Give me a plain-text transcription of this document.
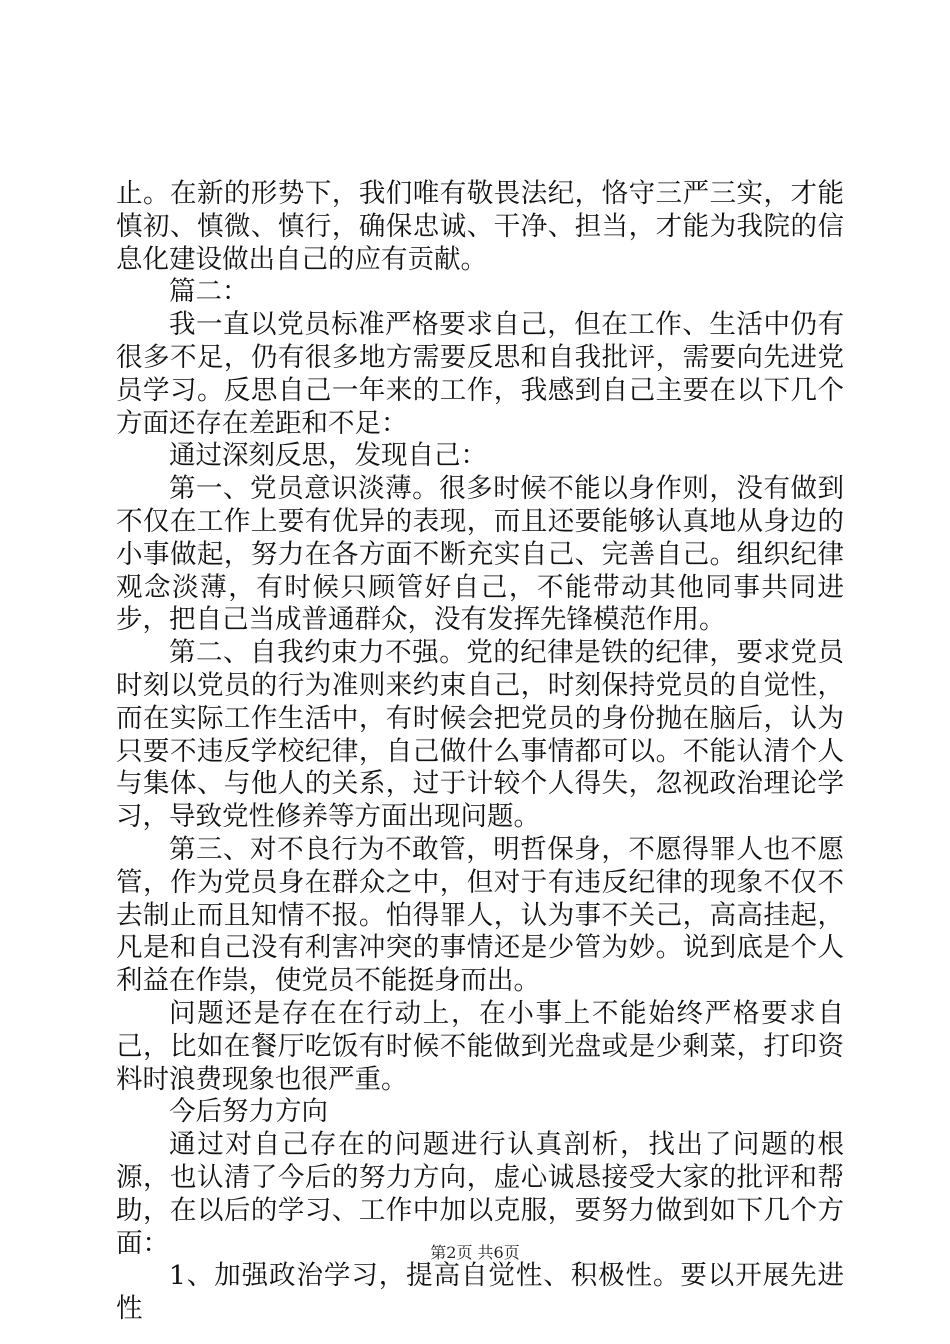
止。在新的形势下，我们唯有敬畏法纪，恪守三严三实，才能慎初、慎微、慎行，确保忠诚、干净、担当，才能为我院的信息化建设做出自己的应有贡献。

篇二：

我一直以党员标准严格要求自己，但在工作、生活中仍有很多不足，仍有很多地方需要反思和自我批评，需要向先进党员学习。反思自己一年来的工作，我感到自己主要在以下几个方面还存在差距和不足：

通过深刻反思，发现自己：

第一、党员意识淡薄。很多时候不能以身作则，没有做到不仅在工作上要有优异的表现，而且还要能够认真地从身边的小事做起，努力在各方面不断充实自己、完善自己。组织纪律观念淡薄，有时候只顾管好自己，不能带动其他同事共同进步，把自己当成普通群众，没有发挥先锋模范作用。

第二、自我约束力不强。党的纪律是铁的纪律，要求党员时刻以党员的行为准则来约束自己，时刻保持党员的自觉性，而在实际工作生活中，有时候会把党员的身份抛在脑后，认为只要不违反学校纪律，自己做什么事情都可以。不能认清个人与集体、与他人的关系，过于计较个人得失，忽视政治理论学习，导致党性修养等方面出现问题。

第三、对不良行为不敢管，明哲保身，不愿得罪人也不愿管，作为党员身在群众之中，但对于有违反纪律的现象不仅不去制止而且知情不报。怕得罪人，认为事不关己，高高挂起，凡是和自己没有利害冲突的事情还是少管为妙。说到底是个人利益在作祟，使党员不能挺身而出。

问题还是存在在行动上，在小事上不能始终严格要求自己，比如在餐厅吃饭有时候不能做到光盘或是少剩菜，打印资料时浪费现象也很严重。

今后努力方向

通过对自己存在的问题进行认真剖析，找出了问题的根源，也认清了今后的努力方向，虚心诚恳接受大家的批评和帮助，在以后的学习、工作中加以克服，要努力做到如下几个方面：

1、加强政治学习，提高自觉性、积极性。要以开展先进性

第2页 共6页
